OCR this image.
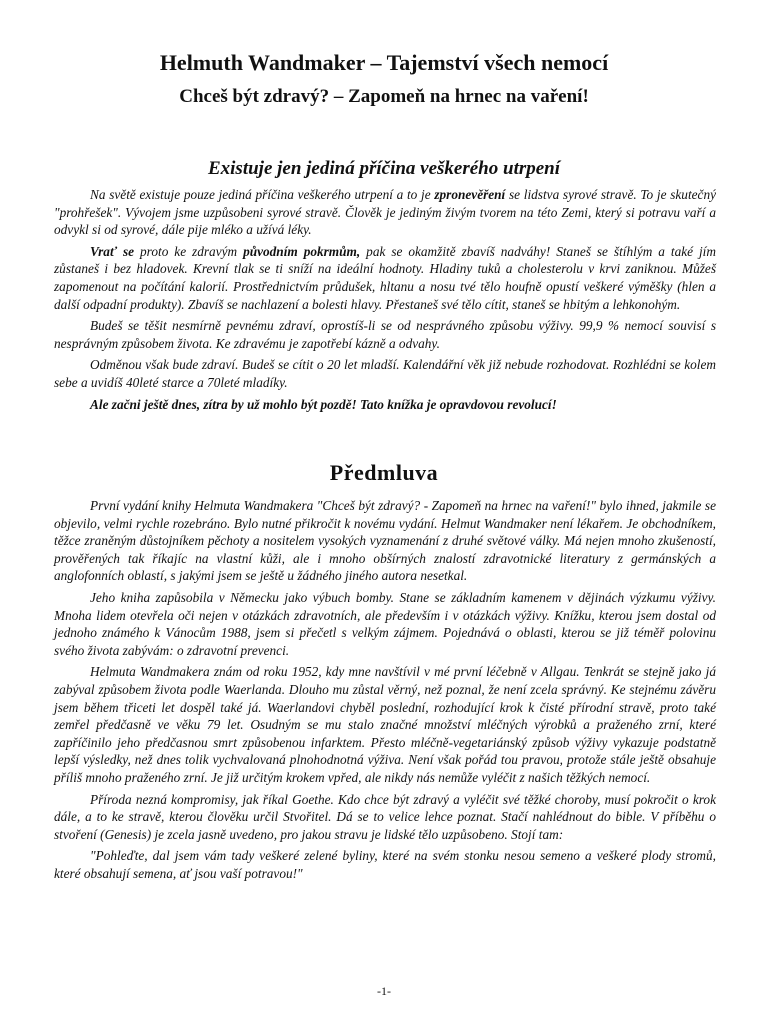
Helmuth Wandmaker – Tajemství všech nemocí
Chceš být zdravý? – Zapomeň na hrnec na vaření!
Existuje jen jediná příčina veškerého utrpení

Na světě existuje pouze jediná příčina veškerého utrpení a to je zpronevěření se lidstva syrové stravě. To je skutečný "prohřešek". Vývojem jsme uzpůsobeni syrové stravě. Člověk je jediným živým tvorem na této Zemi, který si potravu vaří a odvykl si od syrové, dále pije mléko a užívá léky.

Vrať se proto ke zdravým původním pokrmům, pak se okamžitě zbavíš nadváhy! Staneš se štíhlým a také jím zůstaneš i bez hladovek. Krevní tlak se ti sníží na ideální hodnoty. Hladiny tuků a cholesterolu v krvi zaniknou. Můžeš zapomenout na počítání kalorií. Prostřednictvím průdušek, hltanu a nosu tvé tělo houfně opustí veškeré výměšky (hlen a další odpadní produkty). Zbavíš se nachlazení a bolesti hlavy. Přestaneš své tělo cítit, staneš se hbitým a lehkonohým.

Budeš se těšit nesmírně pevnému zdraví, oprostíš-li se od nesprávného způsobu výživy. 99,9 % nemocí souvisí s nesprávným způsobem života. Ke zdravému je zapotřebí kázně a odvahy.

Odměnou však bude zdraví. Budeš se cítit o 20 let mladší. Kalendářní věk již nebude rozhodovat. Rozhlédni se kolem sebe a uvidíš 40leté starce a 70leté mladíky.

Ale začni ještě dnes, zítra by už mohlo být pozdě! Tato knížka je opravdovou revolucí!

Předmluva

První vydání knihy Helmuta Wandmakera "Chceš být zdravý? - Zapomeň na hrnec na vaření!" bylo ihned, jakmile se objevilo, velmi rychle rozebráno. Bylo nutné přikročit k novému vydání. Helmut Wandmaker není lékařem. Je obchodníkem, těžce zraněným důstojníkem pěchoty a nositelem vysokých vyznamenání z druhé světové války. Má nejen mnoho zkušeností, prověřených tak říkajíc na vlastní kůži, ale i mnoho obšírných znalostí zdravotnické literatury z germánských a anglofonních oblastí, s jakými jsem se ještě u žádného jiného autora nesetkal.

Jeho kniha zapůsobila v Německu jako výbuch bomby. Stane se základním kamenem v dějinách výzkumu výživy. Mnoha lidem otevřela oči nejen v otázkách zdravotních, ale především i v otázkách výživy. Knížku, kterou jsem dostal od jednoho známého k Vánocům 1988, jsem si přečetl s velkým zájmem. Pojednává o oblasti, kterou se již téměř polovinu svého života zabývám: o zdravotní prevenci.

Helmuta Wandmakera znám od roku 1952, kdy mne navštívil v mé první léčebně v Allgau. Tenkrát se stejně jako já zabýval způsobem života podle Waerlanda. Dlouho mu zůstal věrný, než poznal, že není zcela správný. Ke stejnému závěru jsem během třiceti let dospěl také já. Waerlandovi chyběl poslední, rozhodující krok k čisté přírodní stravě, proto také zemřel předčasně ve věku 79 let. Osudným se mu stalo značné množství mléčných výrobků a praženého zrní, které zapříčinilo jeho předčasnou smrt způsobenou infarktem. Přesto mléčně-vegetariánský způsob výživy vykazuje podstatně lepší výsledky, než dnes tolik vychvalovaná plnohodnotná výživa. Není však pořád tou pravou, protože stále ještě obsahuje příliš mnoho praženého zrní. Je již určitým krokem vpřed, ale nikdy nás nemůže vyléčit z našich těžkých nemocí.

Příroda nezná kompromisy, jak říkal Goethe. Kdo chce být zdravý a vyléčit své těžké choroby, musí pokročit o krok dále, a to ke stravě, kterou člověku určil Stvořitel. Dá se to velice lehce poznat. Stačí nahlédnout do bible. V příběhu o stvoření (Genesis) je zcela jasně uvedeno, pro jakou stravu je lidské tělo uzpůsobeno. Stojí tam:

"Pohleďte, dal jsem vám tady veškeré zelené byliny, které na svém stonku nesou semeno a veškeré plody stromů, které obsahují semena, ať jsou vaší potravou!"

-1-
